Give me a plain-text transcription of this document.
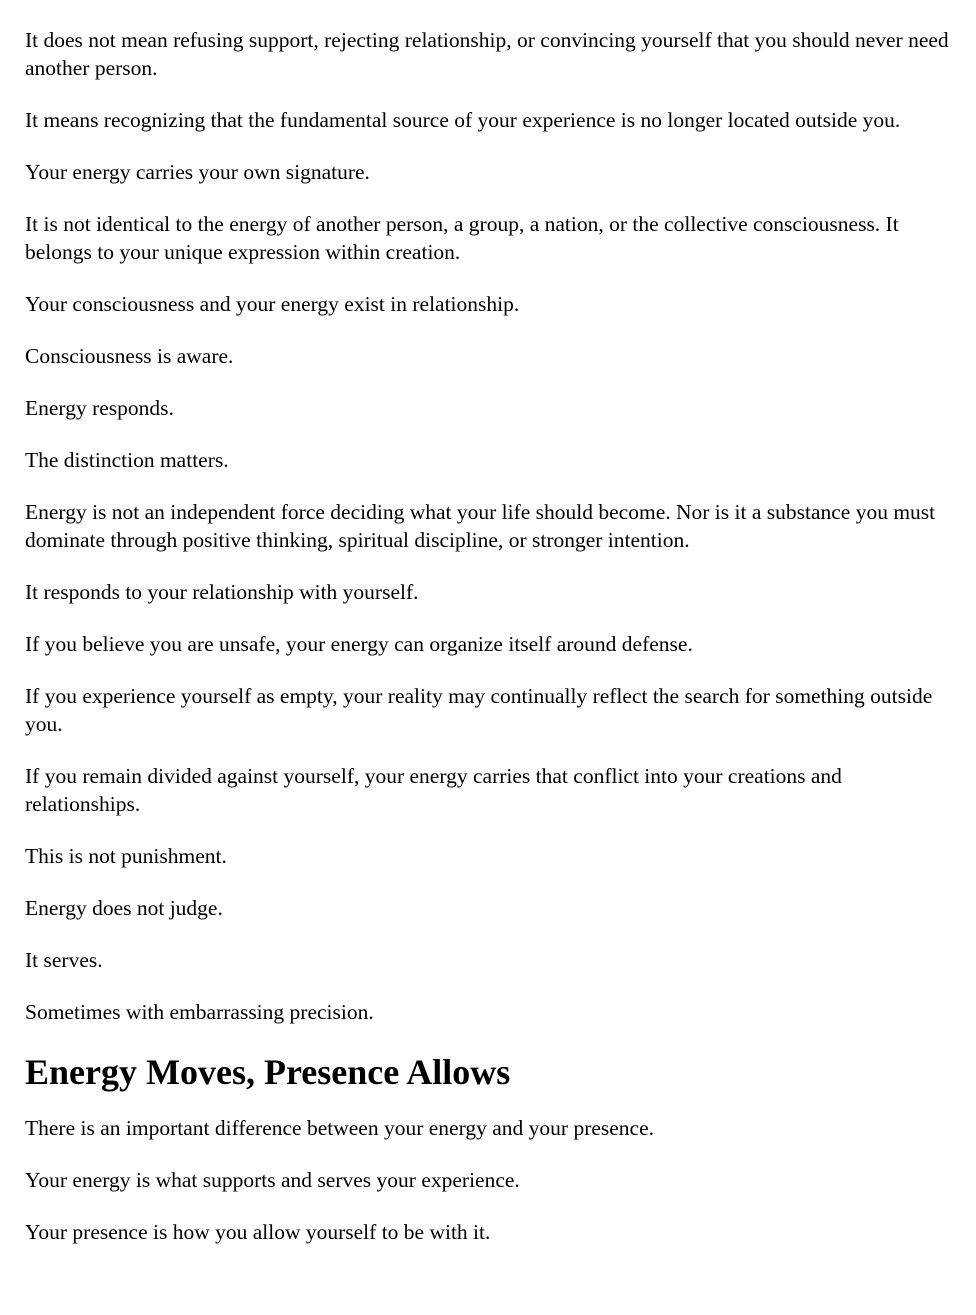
It does not mean refusing support, rejecting relationship, or convincing yourself that you should never need another person.

It means recognizing that the fundamental source of your experience is no longer located outside you.

Your energy carries your own signature.

It is not identical to the energy of another person, a group, a nation, or the collective consciousness. It belongs to your unique expression within creation.

Your consciousness and your energy exist in relationship.

Consciousness is aware.

Energy responds.

The distinction matters.

Energy is not an independent force deciding what your life should become. Nor is it a substance you must dominate through positive thinking, spiritual discipline, or stronger intention.

It responds to your relationship with yourself.

If you believe you are unsafe, your energy can organize itself around defense.

If you experience yourself as empty, your reality may continually reflect the search for something outside you.

If you remain divided against yourself, your energy carries that conflict into your creations and relationships.

This is not punishment.

Energy does not judge.

It serves.

Sometimes with embarrassing precision.

Energy Moves, Presence Allows

There is an important difference between your energy and your presence.

Your energy is what supports and serves your experience.

Your presence is how you allow yourself to be with it.
